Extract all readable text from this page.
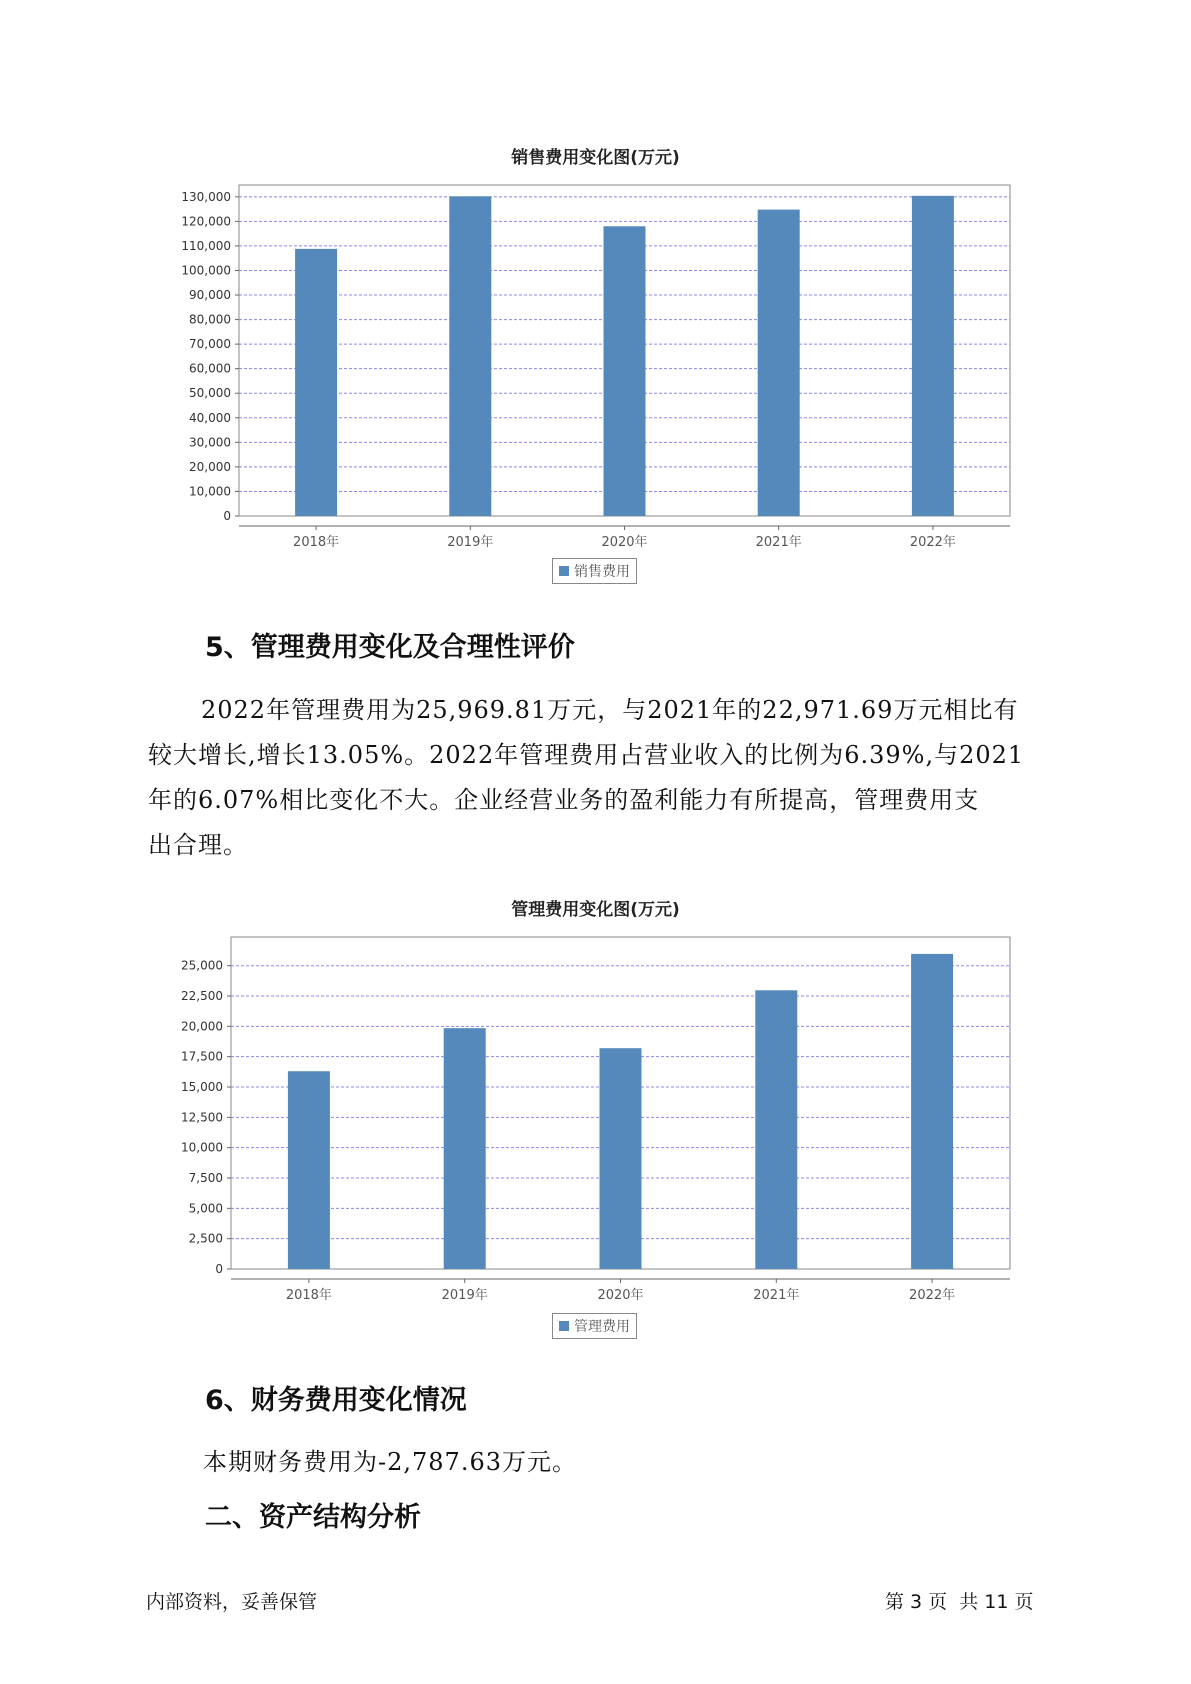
销售费用变化图(万元)
0
10,000
20,000
30,000
40,000
50,000
60,000
70,000
80,000
90,000
100,000
110,000
120,000
130,000
2018年	2019年	2020年	2021年	2022年
销售费用
5、管理费用变化及合理性评价
2022年管理费用为25,969.81万元，与2021年的22,971.69万元相比有
较大增长,增长13.05%。2022年管理费用占营业收入的比例为6.39%,与2021
年的6.07%相比变化不大。企业经营业务的盈利能力有所提高，管理费用支
出合理。
管理费用变化图(万元)
0
2,500
5,000
7,500
10,000
12,500
15,000
17,500
20,000
22,500
25,000
2018年	2019年	2020年	2021年	2022年
管理费用
6、财务费用变化情况
本期财务费用为-2,787.63万元。
二、资产结构分析
内部资料，妥善保管	第 3 页  共 11 页
